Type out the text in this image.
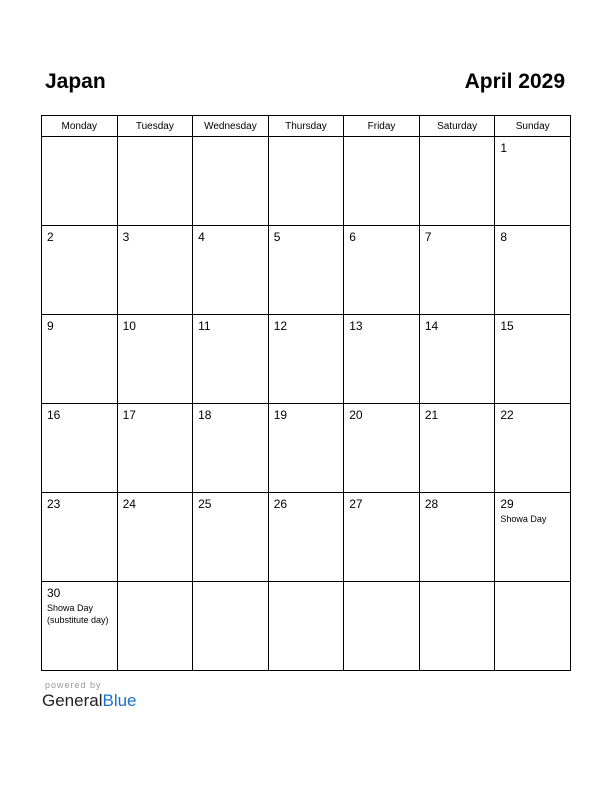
Japan	April 2029
Monday	Tuesday	Wednesday	Thursday	Friday	Saturday	Sunday

						1

2	3	4	5	6	7	8

9	10	11	12	13	14	15

16	17	18	19	20	21	22

23	24	25	26	27	28	29
Showa Day

30
Showa Day (substitute day)						

powered by
GeneralBlue
